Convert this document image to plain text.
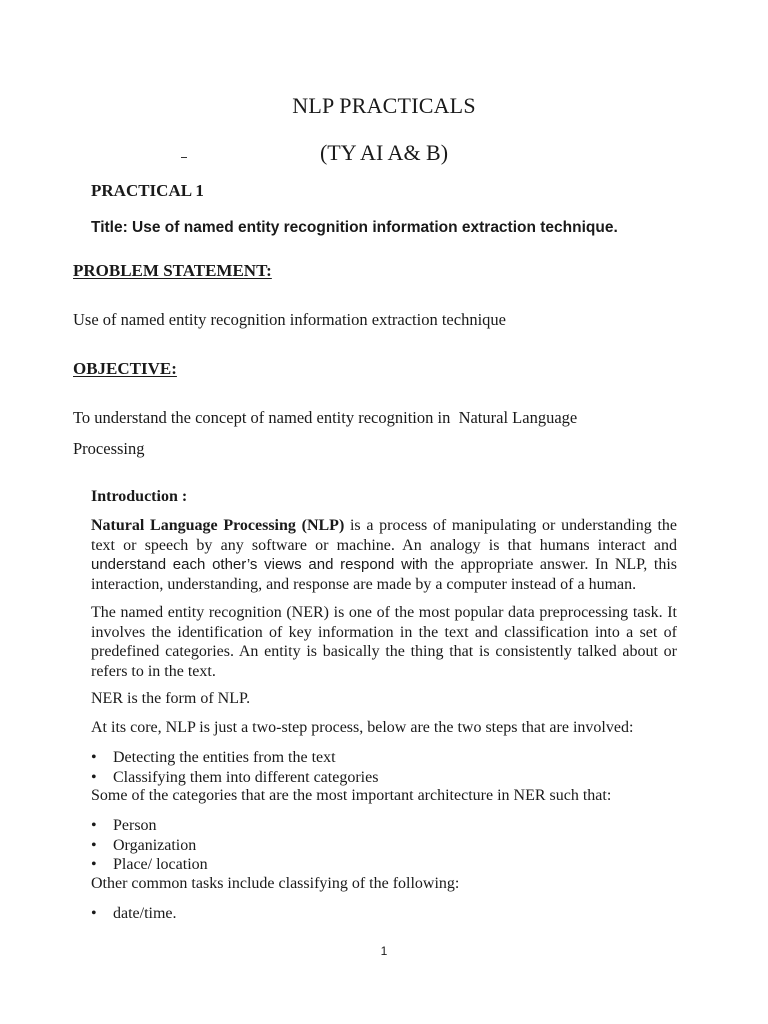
NLP PRACTICALS
(TY AI A& B)
PRACTICAL 1
Title: Use of named entity recognition information extraction technique.
PROBLEM STATEMENT:
Use of named entity recognition information extraction technique
OBJECTIVE:
To understand the concept of named entity recognition in  Natural Language
Processing
Introduction :
Natural Language Processing (NLP) is a process of manipulating or understanding the text or speech by any software or machine. An analogy is that humans interact and understand each other’s views and respond with the appropriate answer. In NLP, this interaction, understanding, and response are made by a computer instead of a human.
The named entity recognition (NER) is one of the most popular data preprocessing task. It involves the identification of key information in the text and classification into a set of predefined categories. An entity is basically the thing that is consistently talked about or refers to in the text.
NER is the form of NLP.
At its core, NLP is just a two-step process, below are the two steps that are involved:
• Detecting the entities from the text
• Classifying them into different categories
Some of the categories that are the most important architecture in NER such that:
• Person
• Organization
• Place/ location
Other common tasks include classifying of the following:
• date/time.
1
